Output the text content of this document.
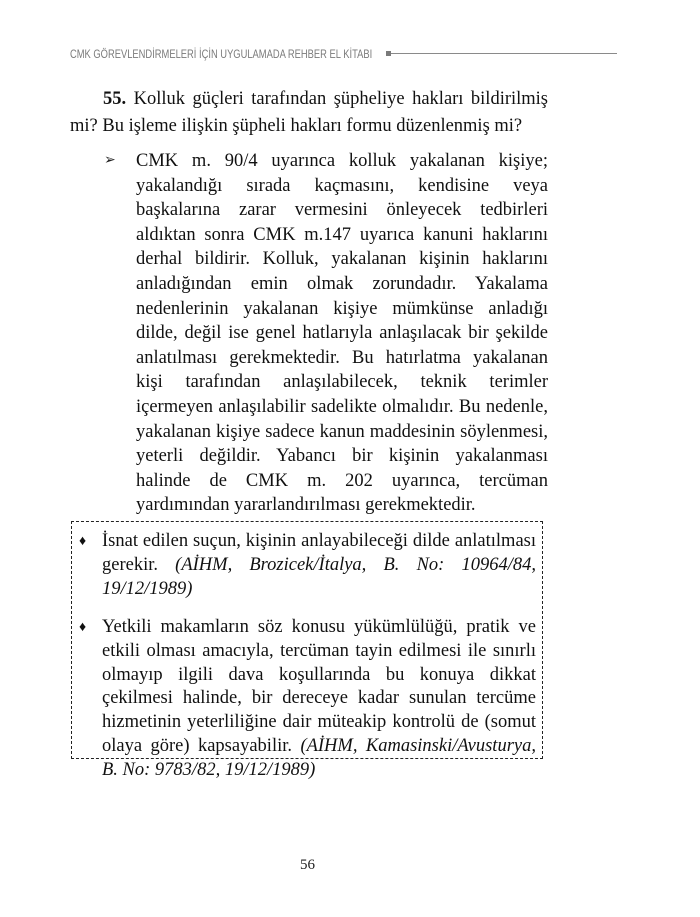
CMK GÖREVLENDİRMELERİ İÇİN UYGULAMADA REHBER EL KİTABI
55. Kolluk güçleri tarafından şüpheliye hakları bildirilmiş mi? Bu işleme ilişkin şüpheli hakları formu düzenlenmiş mi?
➢	CMK m. 90/4 uyarınca kolluk yakalanan kişiye; yakalandığı sırada kaçmasını, kendisine veya başkalarına zarar vermesini önleyecek tedbirleri aldıktan sonra CMK m.147 uyarıca kanuni haklarını derhal bildirir. Kolluk, yakalanan kişinin haklarını anladığından emin olmak zorundadır. Yakalama nedenlerinin yakalanan kişiye mümkünse anladığı dilde, değil ise genel hatlarıyla anlaşılacak bir şekilde anlatılması gerekmektedir. Bu hatırlatma yakalanan kişi tarafından anlaşılabilecek, teknik terimler içermeyen anlaşılabilir sadelikte olmalıdır. Bu nedenle, yakalanan kişiye sadece kanun maddesinin söylenmesi, yeterli değildir. Yabancı bir kişinin yakalanması halinde de CMK m. 202 uyarınca, tercüman yardımından yararlandırılması gerekmektedir.
♦ İsnat edilen suçun, kişinin anlayabileceği dilde anlatılması gerekir. (AİHM, Brozicek/İtalya, B. No: 10964/84, 19/12/1989)
♦ Yetkili makamların söz konusu yükümlülüğü, pratik ve etkili olması amacıyla, tercüman tayin edilmesi ile sınırlı olmayıp ilgili dava koşullarında bu konuya dikkat çekilmesi halinde, bir dereceye kadar sunulan tercüme hizmetinin yeterliliğine dair müteakip kontrolü de (somut olaya göre) kapsayabilir. (AİHM, Kamasinski/Avusturya, B. No: 9783/82, 19/12/1989)
56
